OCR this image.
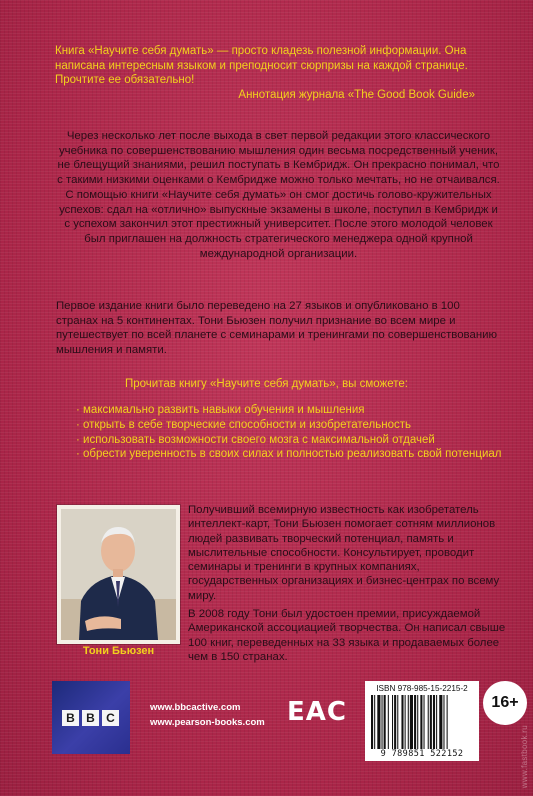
Книга «Научите себя думать» — просто кладезь полезной информации. Она написана интересным языком и преподносит сюрпризы на каждой странице. Прочтите ее обязательно!
Аннотация журнала «The Good Book Guide»
Через несколько лет после выхода в свет первой редакции этого классического учебника по совершенствованию мышления один весьма посредственный ученик, не блещущий знаниями, решил поступать в Кембридж. Он прекрасно понимал, что с такими низкими оценками о Кембридже можно только мечтать, но не отчаивался. С помощью книги «Научите себя думать» он смог достичь голово-кружительных успехов: сдал на «отлично» выпускные экзамены в школе, поступил в Кембридж и с успехом закончил этот престижный университет. После этого молодой человек был приглашен на должность стратегического менеджера одной крупной международной организации.
Первое издание книги было переведено на 27 языков и опубликовано в 100 странах на 5 континентах. Тони Бьюзен получил признание во всем мире и путешествует по всей планете с семинарами и тренингами по совершенствованию мышления и памяти.
Прочитав книгу «Научите себя думать», вы сможете:
· максимально развить навыки обучения и мышления
· открыть в себе творческие способности и изобретательность
· использовать возможности своего мозга с максимальной отдачей
· обрести уверенность в своих силах и полностью реализовать свой потенциал
Тони Бьюзен
Получивший всемирную известность как изобретатель интеллект-карт, Тони Бьюзен помогает сотням миллионов людей развивать творческий потенциал, память и мыслительные способности. Консультирует, проводит семинары и тренинги в крупных компаниях, государственных организациях и бизнес-центрах по всему миру.
В 2008 году Тони был удостоен премии, присуждаемой Американской ассоциацией творчества. Он написал свыше 100 книг, переведенных на 33 языка и продаваемых более чем в 150 странах.
B B C
www.bbcactive.com
www.pearson-books.com EAC
ISBN 978-985-15-2215-2
9 789851 522152
16+
www.fastbook.ru
